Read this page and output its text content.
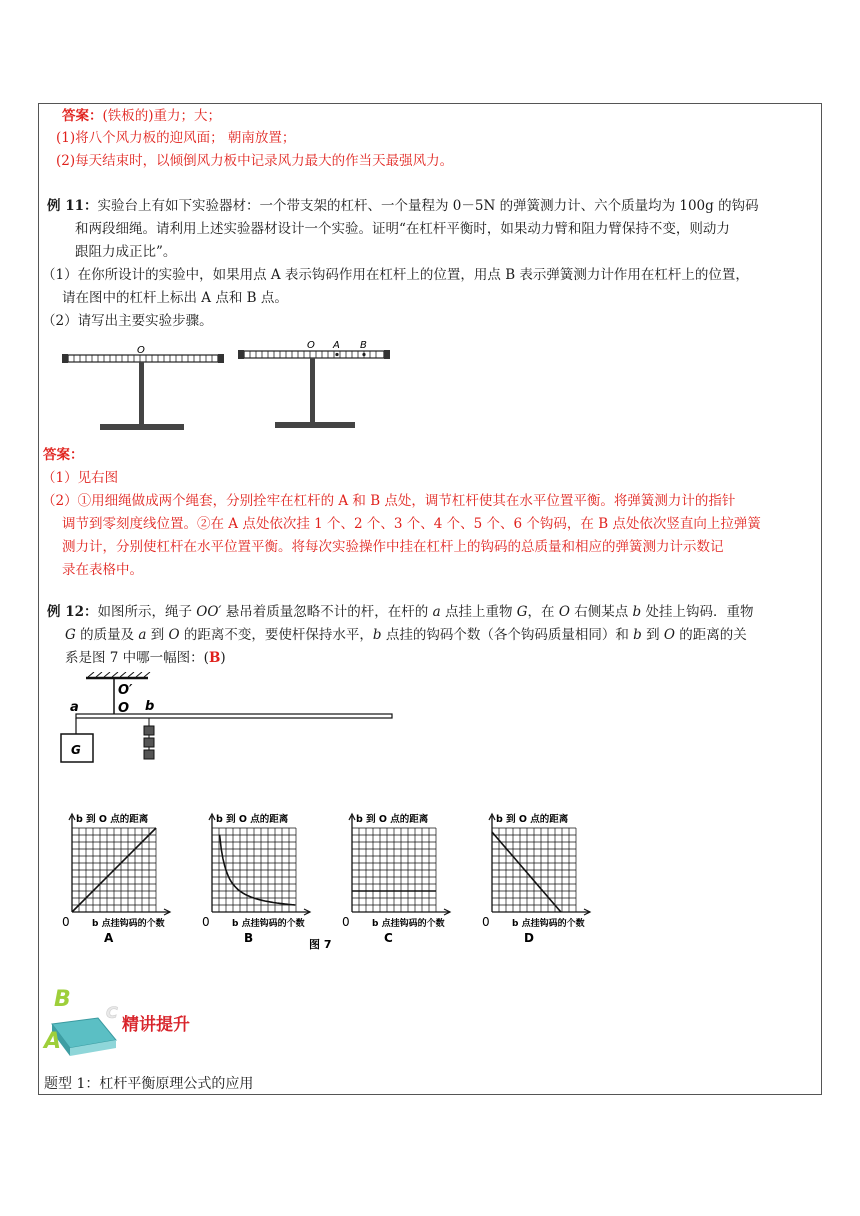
答案：(铁板的)重力；大；
(1)将八个风力板的迎风面； 朝南放置；
(2)每天结束时，以倾倒风力板中记录风力最大的作当天最强风力。
例 11：实验台上有如下实验器材：一个带支架的杠杆、一个量程为 0－5N 的弹簧测力计、六个质量均为 100g 的钩码
和两段细绳。请利用上述实验器材设计一个实验。证明“在杠杆平衡时，如果动力臂和阻力臂保持不变，则动力
跟阻力成正比”。
（1）在你所设计的实验中，如果用点 A 表示钩码作用在杠杆上的位置，用点 B 表示弹簧测力计作用在杠杆上的位置，
请在图中的杠杆上标出 A 点和 B 点。
（2）请写出主要实验步骤。
O	O A B
答案：
（1）见右图
（2）①用细绳做成两个绳套，分别拴牢在杠杆的 A 和 B 点处，调节杠杆使其在水平位置平衡。将弹簧测力计的指针
调节到零刻度线位置。②在 A 点处依次挂 1 个、2 个、3 个、4 个、5 个、6 个钩码，在 B 点处依次竖直向上拉弹簧
测力计，分别使杠杆在水平位置平衡。将每次实验操作中挂在杠杆上的钩码的总质量和相应的弹簧测力计示数记
录在表格中。
例 12：如图所示，绳子 OO′ 悬吊着质量忽略不计的杆，在杆的 a 点挂上重物 G，在 O 右侧某点 b 处挂上钩码．重物
G 的质量及 a 到 O 的距离不变，要使杆保持水平，b 点挂的钩码个数（各个钩码质量相同）和 b 到 O 的距离的关
系是图 7 中哪一幅图：(B)
O′
O
a	b
G
图 7
b 到 O 点的距离
b 点挂钩码的个数
0
A
b 到 O 点的距离
b 点挂钩码的个数
0
B
b 到 O 点的距离
b 点挂钩码的个数
0
C
b 到 O 点的距离
b 点挂钩码的个数
0
D
B
A
C
精讲提升
题型 1：杠杆平衡原理公式的应用
